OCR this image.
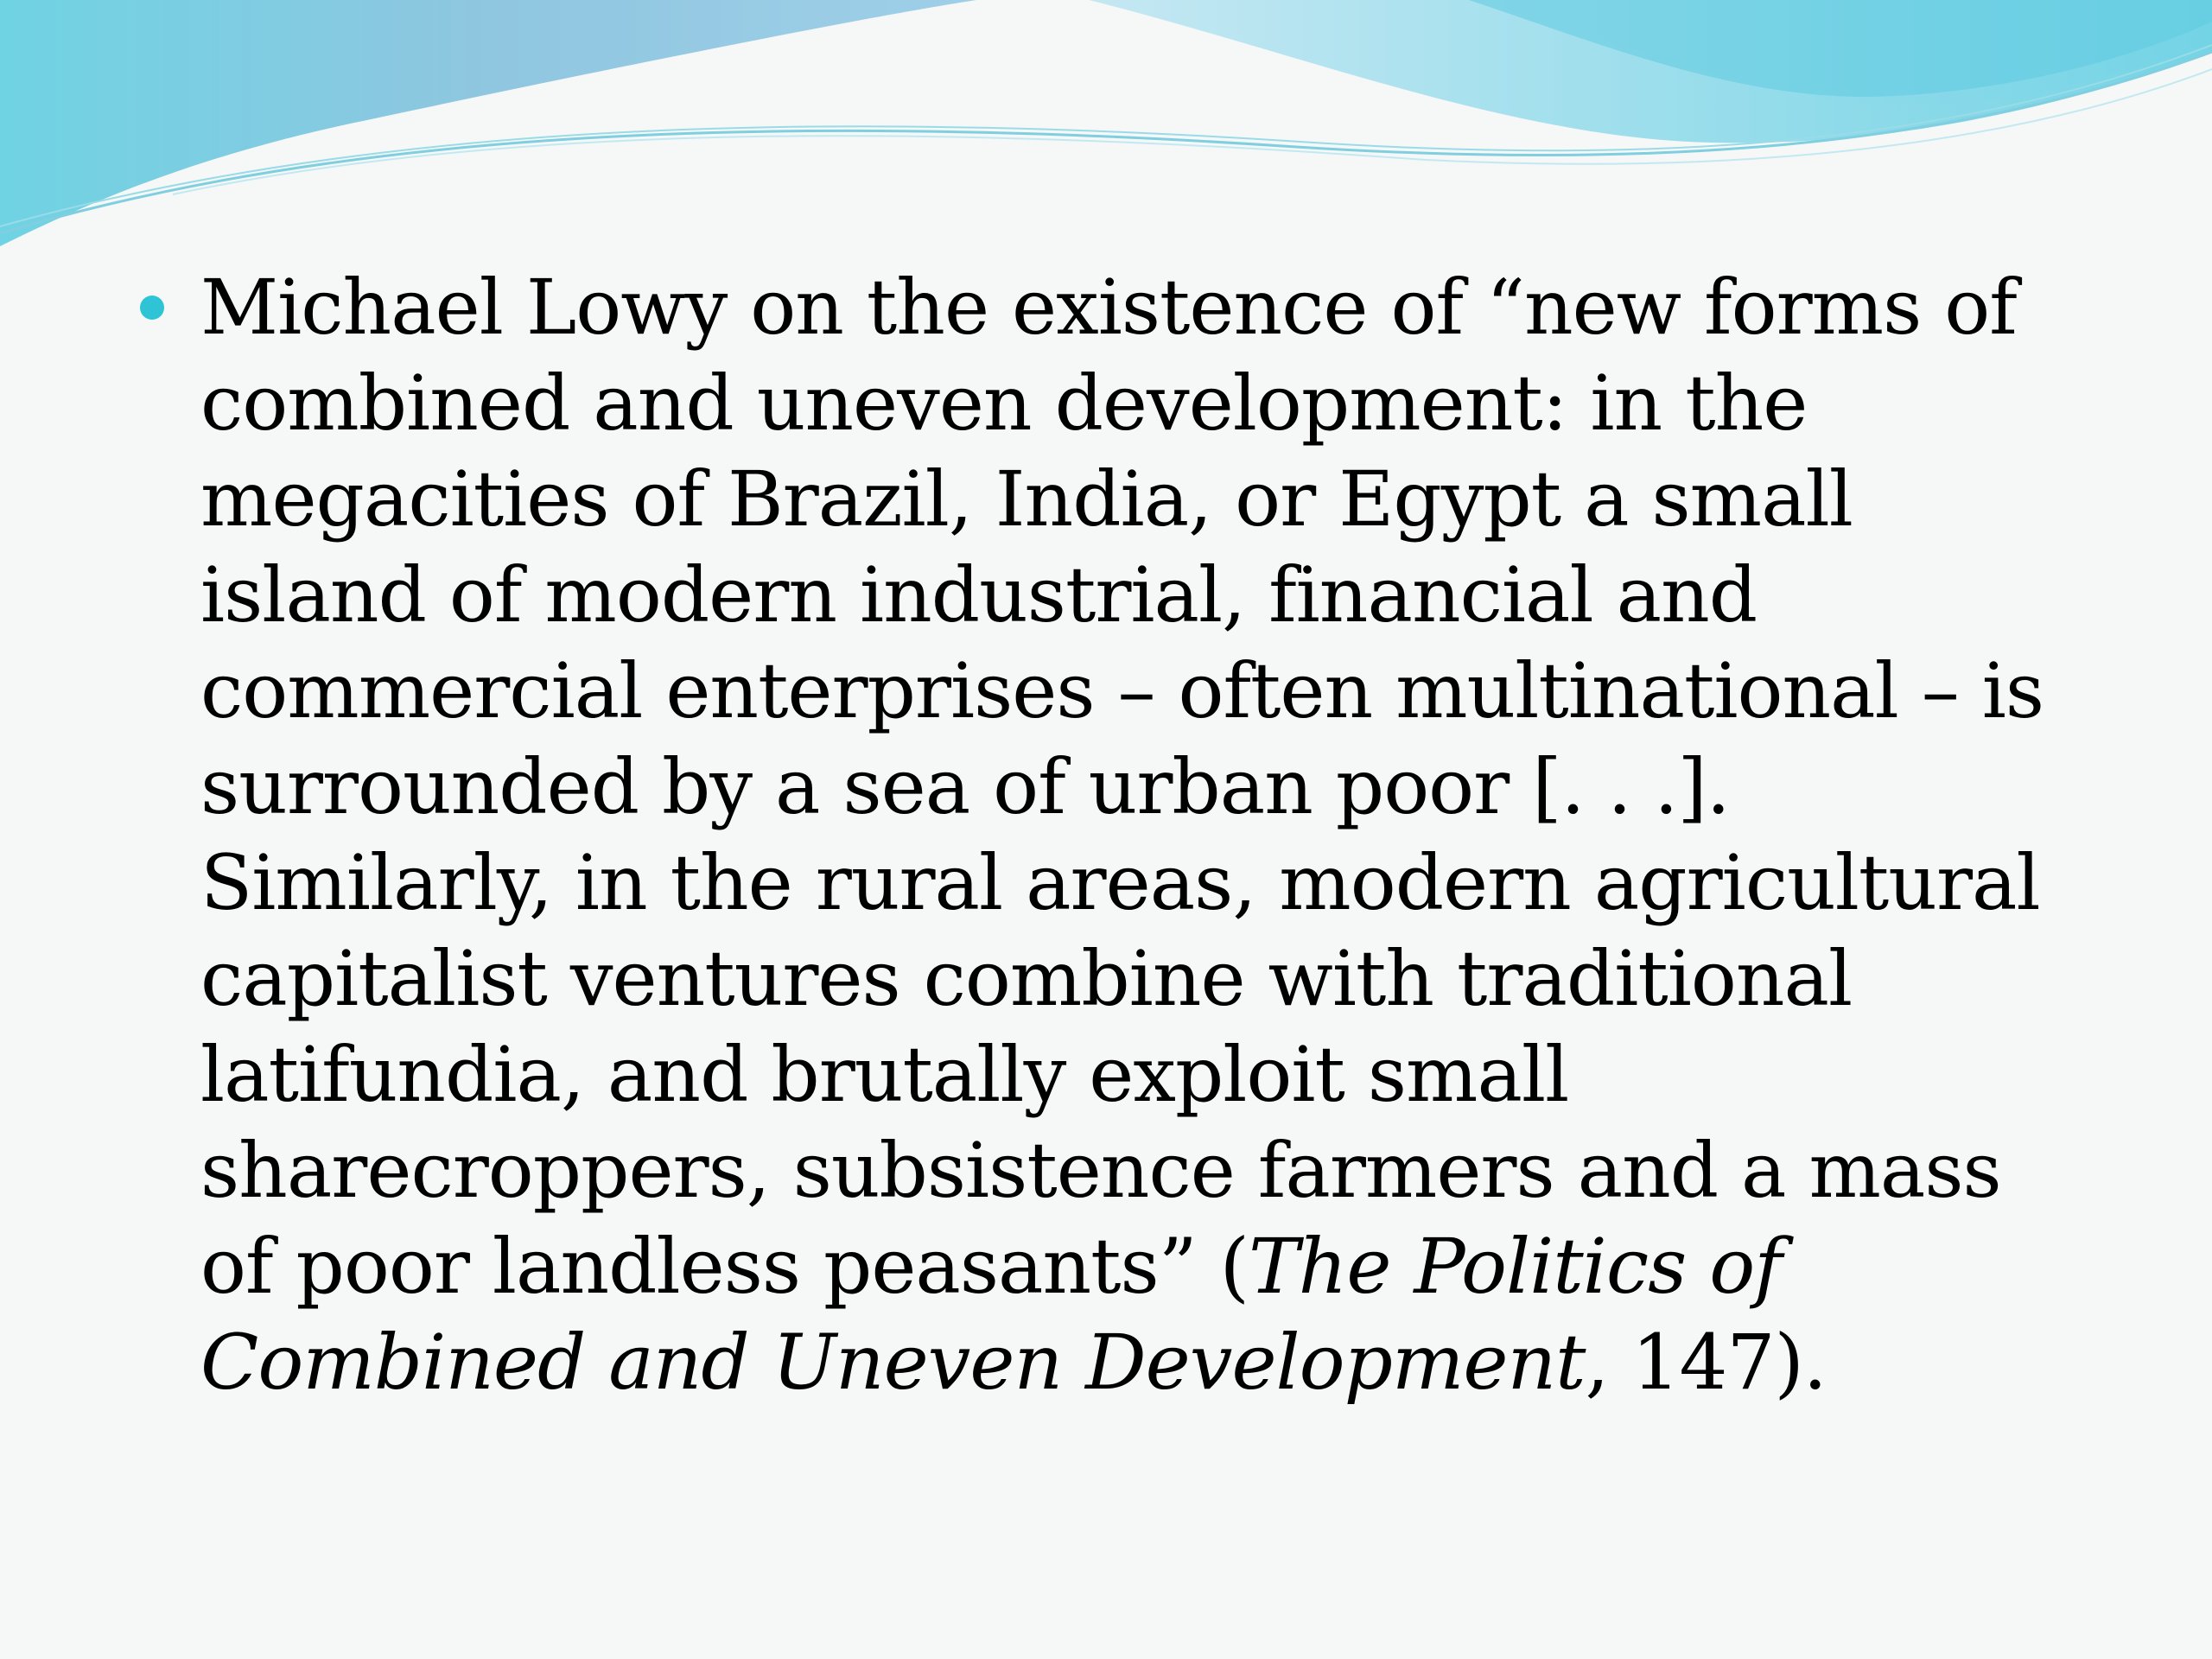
Michael Lowy on the existence of “new forms of combined and uneven development: in the megacities of Brazil, India, or Egypt a small island of modern industrial, financial and commercial enterprises – often multinational – is surrounded by a sea of urban poor [. . .]. Similarly, in the rural areas, modern agricultural capitalist ventures combine with traditional latifundia, and brutally exploit small sharecroppers, subsistence farmers and a mass of poor landless peasants” (The Politics of Combined and Uneven Development, 147).
